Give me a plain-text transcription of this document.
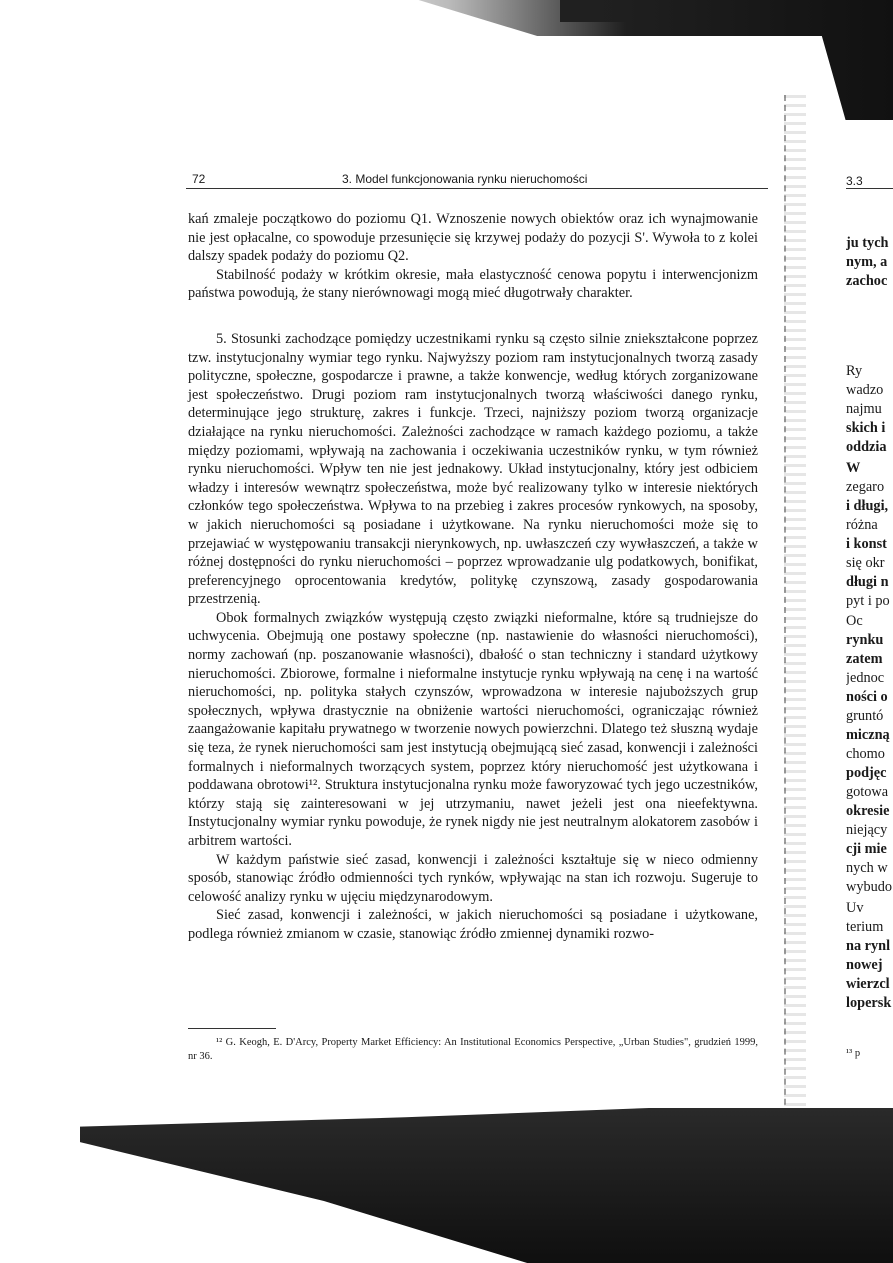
72	3. Model funkcjonowania rynku nieruchomości

kań zmaleje początkowo do poziomu Q1. Wznoszenie nowych obiektów oraz ich wynajmowanie nie jest opłacalne, co spowoduje przesunięcie się krzywej podaży do pozycji S'. Wywoła to z kolei dalszy spadek podaży do poziomu Q2.

Stabilność podaży w krótkim okresie, mała elastyczność cenowa popytu i interwencjonizm państwa powodują, że stany nierównowagi mogą mieć długotrwały charakter.

5. Stosunki zachodzące pomiędzy uczestnikami rynku są często silnie zniekształcone poprzez tzw. instytucjonalny wymiar tego rynku. Najwyższy poziom ram instytucjonalnych tworzą zasady polityczne, społeczne, gospodarcze i prawne, a także konwencje, według których zorganizowane jest społeczeństwo. Drugi poziom ram instytucjonalnych tworzą właściwości danego rynku, determinujące jego strukturę, zakres i funkcje. Trzeci, najniższy poziom tworzą organizacje działające na rynku nieruchomości. Zależności zachodzące w ramach każdego poziomu, a także między poziomami, wpływają na zachowania i oczekiwania uczestników rynku, w tym również rynku nieruchomości. Wpływ ten nie jest jednakowy. Układ instytucjonalny, który jest odbiciem władzy i interesów wewnątrz społeczeństwa, może być realizowany tylko w interesie niektórych członków tego społeczeństwa. Wpływa to na przebieg i zakres procesów rynkowych, na sposoby, w jakich nieruchomości są posiadane i użytkowane. Na rynku nieruchomości może się to przejawiać w występowaniu transakcji nierynkowych, np. uwłaszczeń czy wywłaszczeń, a także w różnej dostępności do rynku nieruchomości – poprzez wprowadzanie ulg podatkowych, bonifikat, preferencyjnego oprocentowania kredytów, politykę czynszową, zasady gospodarowania przestrzenią.

Obok formalnych związków występują często związki nieformalne, które są trudniejsze do uchwycenia. Obejmują one postawy społeczne (np. nastawienie do własności nieruchomości), normy zachowań (np. poszanowanie własności), dbałość o stan techniczny i standard użytkowy nieruchomości. Zbiorowe, formalne i nieformalne instytucje rynku wpływają na cenę i na wartość nieruchomości, np. polityka stałych czynszów, wprowadzona w interesie najuboższych grup społecznych, wpływa drastycznie na obniżenie wartości nieruchomości, ograniczając również zaangażowanie kapitału prywatnego w tworzenie nowych powierzchni. Dlatego też słuszną wydaje się teza, że rynek nieruchomości sam jest instytucją obejmującą sieć zasad, konwencji i zależności formalnych i nieformalnych tworzących system, poprzez który nieruchomość jest użytkowana i poddawana obrotowi¹². Struktura instytucjonalna rynku może faworyzować tych jego uczestników, którzy stają się zainteresowani w jej utrzymaniu, nawet jeżeli jest ona nieefektywna. Instytucjonalny wymiar rynku powoduje, że rynek nigdy nie jest neutralnym alokatorem zasobów i arbitrem wartości.

W każdym państwie sieć zasad, konwencji i zależności kształtuje się w nieco odmienny sposób, stanowiąc źródło odmienności tych rynków, wpływając na stan ich rozwoju. Sugeruje to celowość analizy rynku w ujęciu międzynarodowym.

Sieć zasad, konwencji i zależności, w jakich nieruchomości są posiadane i użytkowane, podlega również zmianom w czasie, stanowiąc źródło zmiennej dynamiki rozwo-

¹² G. Keogh, E. D'Arcy, Property Market Efficiency: An Institutional Economics Perspective, „Urban Studies", grudzień 1999, nr 36.
3.3
ju tych
nym, a
zachoc
Ry
wadzo
najmu
skich i
oddzia
W
zegaro
i długi,
różna
i konst
się okr
długi n
pyt i po
Oc
rynku
zatem
jednoc
ności o
gruntó
miczną
chomo
podjęc
gotowa
okresie
niejący
cji mie
nych w
wybudo
Uv
terium
na rynl
nowej
wierzcl
lopersk
¹³ p
